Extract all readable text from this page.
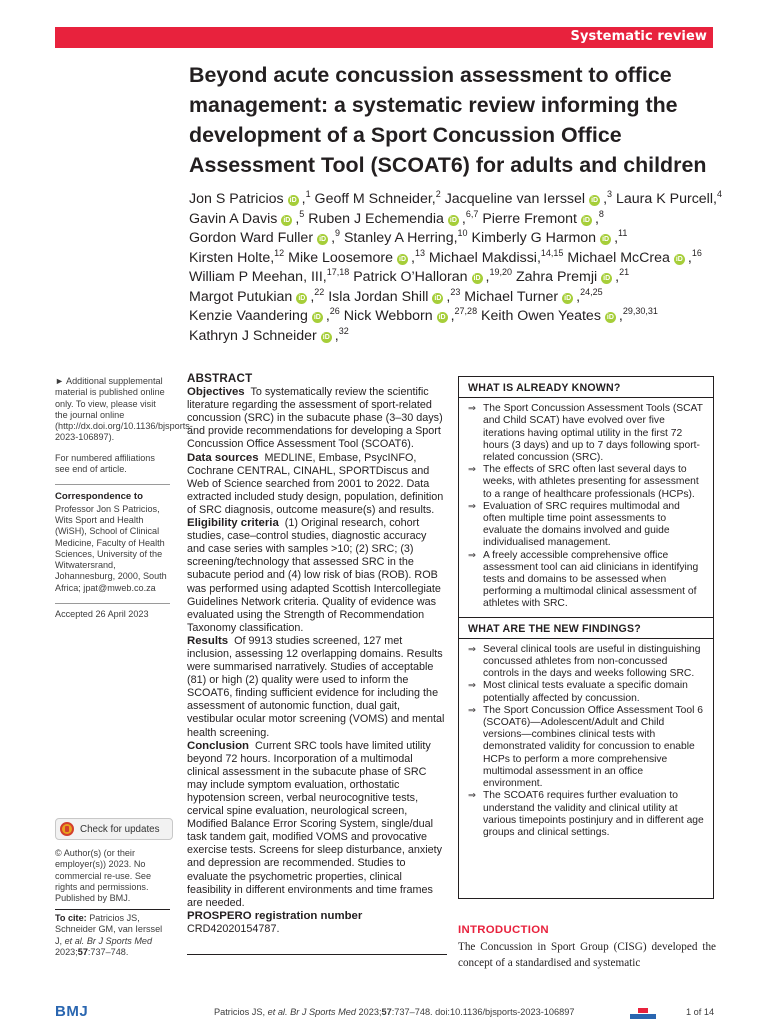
Systematic review
Beyond acute concussion assessment to office management: a systematic review informing the development of a Sport Concussion Office Assessment Tool (SCOAT6) for adults and children
Jon S Patricios iD ,$^1$ Geoff M Schneider,$^2$ Jacqueline van Ierssel iD ,$^3$ Laura K Purcell,$^4$
Gavin A Davis iD ,$^5$ Ruben J Echemendia iD ,$^{6,7}$ Pierre Fremont iD ,$^8$
Gordon Ward Fuller iD ,$^9$ Stanley A Herring,$^{10}$ Kimberly G Harmon iD ,$^{11}$
Kirsten Holte,$^{12}$ Mike Loosemore iD ,$^{13}$ Michael Makdissi,$^{14,15}$ Michael McCrea iD ,$^{16}$
William P Meehan, III,$^{17,18}$ Patrick O’Halloran iD ,$^{19,20}$ Zahra Premji iD ,$^{21}$
Margot Putukian iD ,$^{22}$ Isla Jordan Shill iD ,$^{23}$ Michael Turner iD ,$^{24,25}$
Kenzie Vaandering iD ,$^{26}$ Nick Webborn iD ,$^{27,28}$ Keith Owen Yeates iD ,$^{29,30,31}$
Kathryn J Schneider iD ,$^{32}$
► Additional supplemental material is published online only. To view, please visit the journal online (http://dx.doi.org/10.1136/bjsports-2023-106897).
For numbered affiliations see end of article.
Correspondence to
Professor Jon S Patricios, Wits Sport and Health (WiSH), School of Clinical Medicine, Faculty of Health Sciences, University of the Witwatersrand, Johannesburg, 2000, South Africa; jpat@mweb.co.za
Accepted 26 April 2023
Check for updates
© Author(s) (or their employer(s)) 2023. No commercial re-use. See rights and permissions. Published by BMJ.
To cite: Patricios JS, Schneider GM, van Ierssel J, et al. Br J Sports Med 2023;57:737–748.
ABSTRACT

Objectives To systematically review the scientific literature regarding the assessment of sport-related concussion (SRC) in the subacute phase (3–30 days) and provide recommendations for developing a Sport Concussion Office Assessment Tool (SCOAT6).

Data sources MEDLINE, Embase, PsycINFO, Cochrane CENTRAL, CINAHL, SPORTDiscus and Web of Science searched from 2001 to 2022. Data extracted included study design, population, definition of SRC diagnosis, outcome measure(s) and results.

Eligibility criteria (1) Original research, cohort studies, case–control studies, diagnostic accuracy and case series with samples >10; (2) SRC; (3) screening/technology that assessed SRC in the subacute period and (4) low risk of bias (ROB). ROB was performed using adapted Scottish Intercollegiate Guidelines Network criteria. Quality of evidence was evaluated using the Strength of Recommendation Taxonomy classification.

Results Of 9913 studies screened, 127 met inclusion, assessing 12 overlapping domains. Results were summarised narratively. Studies of acceptable (81) or high (2) quality were used to inform the SCOAT6, finding sufficient evidence for including the assessment of autonomic function, dual gait, vestibular ocular motor screening (VOMS) and mental health screening.

Conclusion Current SRC tools have limited utility beyond 72 hours. Incorporation of a multimodal clinical assessment in the subacute phase of SRC may include symptom evaluation, orthostatic hypotension screen, verbal neurocognitive tests, cervical spine evaluation, neurological screen, Modified Balance Error Scoring System, single/dual task tandem gait, modified VOMS and provocative exercise tests. Screens for sleep disturbance, anxiety and depression are recommended. Studies to evaluate the psychometric properties, clinical feasibility in different environments and time frames are needed.

PROSPERO registration number  CRD42020154787.

WHAT IS ALREADY KNOWN?
⇒ The Sport Concussion Assessment Tools (SCAT and Child SCAT) have evolved over five iterations having optimal utility in the first 72 hours (3 days) and up to 7 days following sport-related concussion (SRC).
⇒ The effects of SRC often last several days to weeks, with athletes presenting for assessment to a range of healthcare professionals (HCPs).
⇒ Evaluation of SRC requires multimodal and often multiple time point assessments to evaluate the domains involved and guide individualised management.
⇒ A freely accessible comprehensive office assessment tool can aid clinicians in identifying tests and domains to be assessed when performing a multimodal clinical assessment of athletes with SRC.
WHAT ARE THE NEW FINDINGS?
⇒ Several clinical tools are useful in distinguishing concussed athletes from non-concussed controls in the days and weeks following SRC.
⇒ Most clinical tests evaluate a specific domain potentially affected by concussion.
⇒ The Sport Concussion Office Assessment Tool 6 (SCOAT6)—Adolescent/Adult and Child versions—combines clinical tests with demonstrated validity for concussion to enable HCPs to perform a more comprehensive multimodal assessment in an office environment.
⇒ The SCOAT6 requires further evaluation to understand the validity and clinical utility at various timepoints postinjury and in different age groups and clinical settings.
INTRODUCTION
The Concussion in Sport Group (CISG) developed the concept of a standardised and systematic
BMJ	Patricios JS, et al. Br J Sports Med 2023;57:737–748. doi:10.1136/bjsports-2023-106897	1 of 14
